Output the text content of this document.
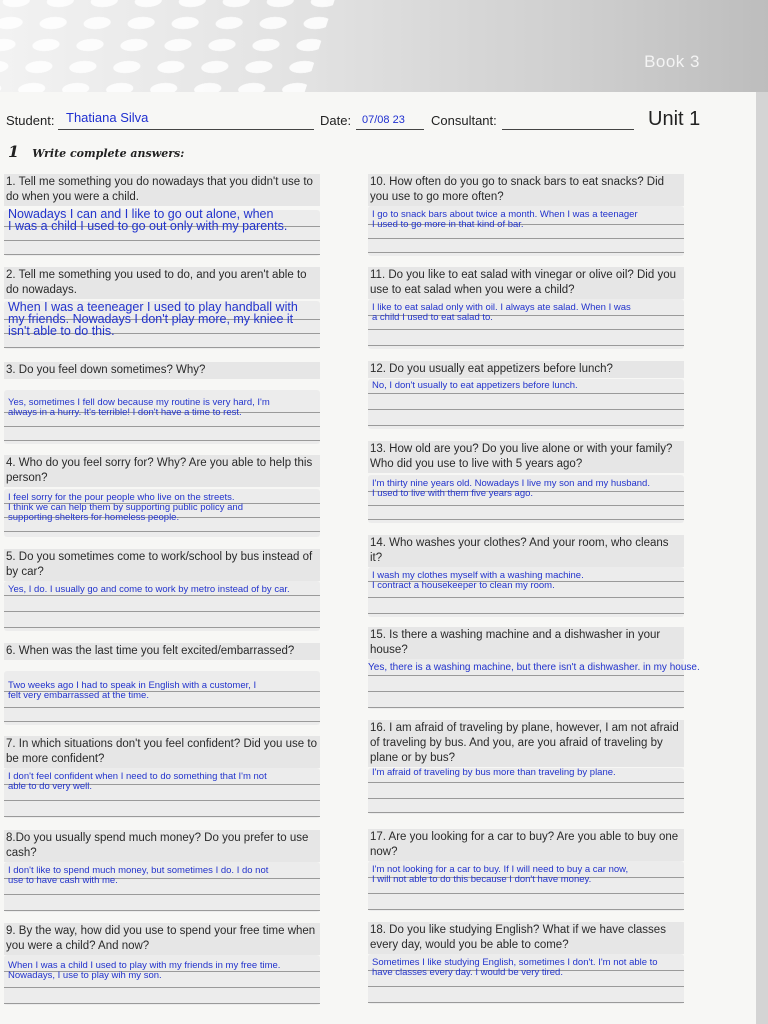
Book 3
Student: Thatiana Silva	Date: 07/08 23 Consultant:	Unit 1
1 Write complete answers:
1. Tell me something you do nowadays that you didn't use to do when you were a child.
Nowadays I can and I like to go out alone, when
I was a child I used to go out only with my parents.
2. Tell me something you used to do, and you aren't able to do nowadays.
When I was a teeneager I used to play handball with
my friends. Nowadays I don't play more, my kniee it
isn't able to do this.
3. Do you feel down sometimes? Why?
Yes, sometimes I fell dow because my routine is very hard, I'm
always in a hurry. It's terrible! I don't have a time to rest.
4. Who do you feel sorry for? Why? Are you able to help this person?
I feel sorry for the pour people who live on the streets.
I think we can help them by supporting public policy and
supporting shelters for homeless people.
5. Do you sometimes come to work/school by bus instead of by car?
Yes, I do. I usually go and come to work by metro instead of by car.
6. When was the last time you felt excited/embarrassed?
Two weeks ago I had to speak in English with a customer, I
felt very embarrassed at the time.
7. In which situations don't you feel confident? Did you use to be more confident?
I don't feel confident when I need to do something that I'm not
able to do very well.
8.Do you usually spend much money? Do you prefer to use cash?
I don't like to spend much money, but sometimes I do. I do not
use to have cash with me.
9. By the way, how did you use to spend your free time when you were a child? And now?
When I was a child I used to play with my friends in my free time.
Nowadays, I use to play wih my son.
10. How often do you go to snack bars to eat snacks? Did you use to go more often?
I go to snack bars about twice a month. When I was a teenager
I used to go more in that kind of bar.
11. Do you like to eat salad with vinegar or olive oil? Did you use to eat salad when you were a child?
I like to eat salad only with oil. I always ate salad. When I was
a child I used to eat salad to.
12. Do you usually eat appetizers before lunch?
No, I don't usually to eat appetizers before lunch.
13. How old are you? Do you live alone or with your family? Who did you use to live with 5 years ago?
I'm thirty nine years old. Nowadays I live my son and my husband.
I used to live with them five years ago.
14. Who washes your clothes? And your room, who cleans it?
I wash my clothes myself with a washing machine.
I contract a housekeeper to clean my room.
15. Is there a washing machine and a dishwasher in your house?
Yes, there is a washing machine, but there isn't a dishwasher. in my house.
16. I am afraid of traveling by plane, however, I am not afraid of traveling by bus. And you, are you afraid of traveling by plane or by bus?
I'm afraid of traveling by bus more than traveling by plane.
17. Are you looking for a car to buy? Are you able to buy one now?
I'm not looking for a car to buy. If I will need to buy a car now,
I will not able to do this because I don't have money.
18. Do you like studying English? What if we have classes every day, would you be able to come?
Sometimes I like studying English, sometimes I don't. I'm not able to
have classes every day. I would be very tired.
